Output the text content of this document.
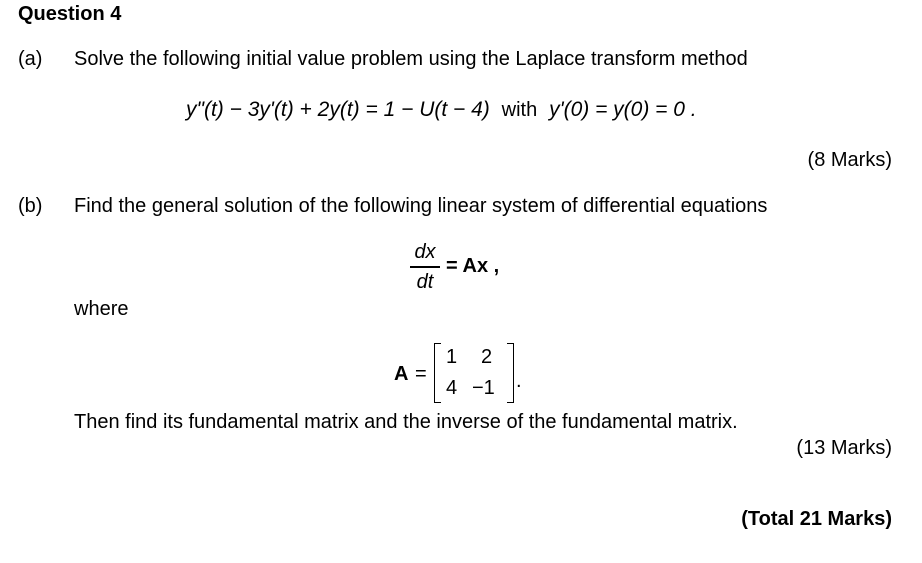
Question 4
(a) Solve the following initial value problem using the Laplace transform method
y"(t) − 3y'(t) + 2y(t) = 1 − U(t − 4) with y'(0) = y(0) = 0 .
(8 Marks)
(b) Find the general solution of the following linear system of differential equations
dx
dt
= Ax ,
where
A =
1 2
4 −1 .
Then find its fundamental matrix and the inverse of the fundamental matrix.
(13 Marks)
(Total 21 Marks)
